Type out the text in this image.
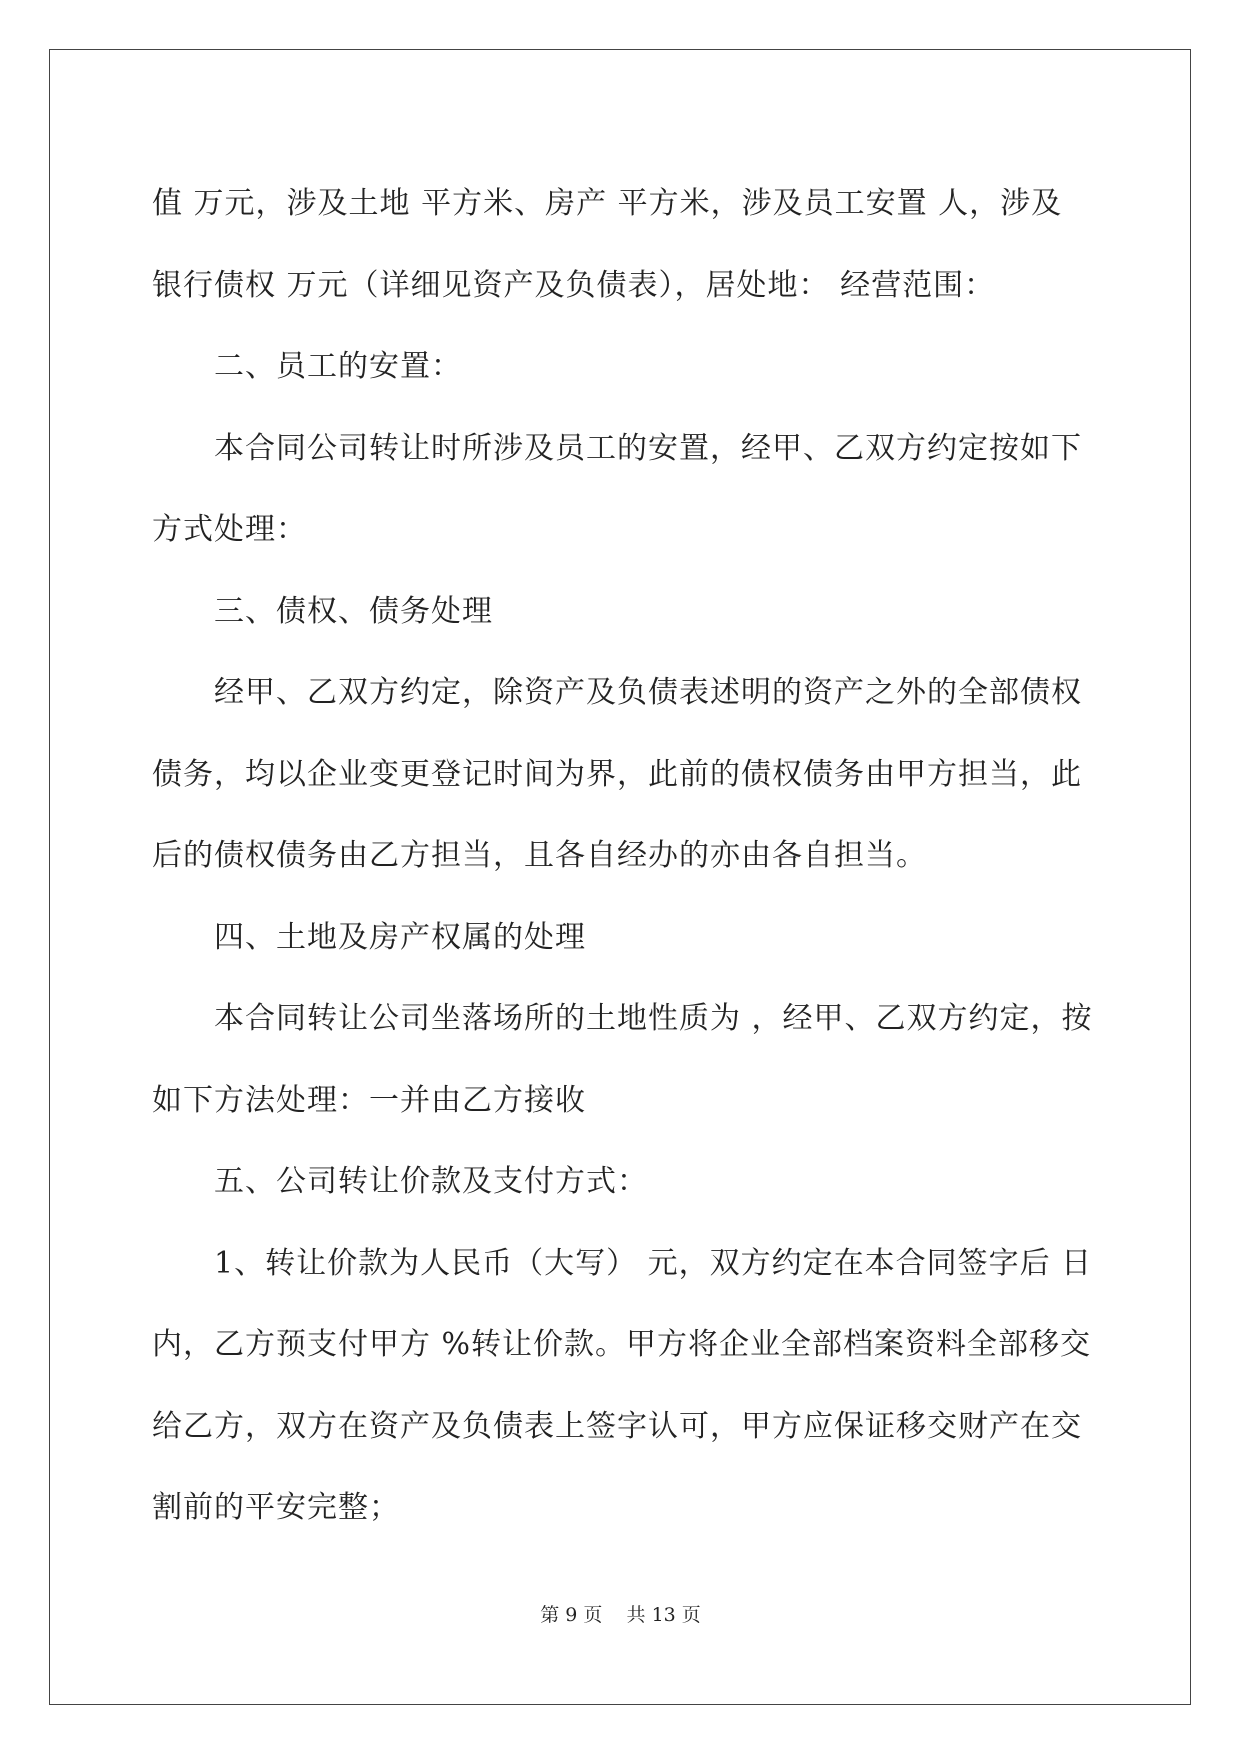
值 万元，涉及土地 平方米、房产 平方米，涉及员工安置 人，涉及
银行债权 万元（详细见资产及负债表），居处地： 经营范围：
二、员工的安置：
本合同公司转让时所涉及员工的安置，经甲、乙双方约定按如下
方式处理：
三、债权、债务处理
经甲、乙双方约定，除资产及负债表述明的资产之外的全部债权
债务，均以企业变更登记时间为界，此前的债权债务由甲方担当，此
后的债权债务由乙方担当，且各自经办的亦由各自担当。
四、土地及房产权属的处理
本合同转让公司坐落场所的土地性质为 ，经甲、乙双方约定，按
如下方法处理：一并由乙方接收
五、公司转让价款及支付方式：
1、转让价款为人民币（大写） 元，双方约定在本合同签字后 日
内，乙方预支付甲方 %转让价款。甲方将企业全部档案资料全部移交
给乙方，双方在资产及负债表上签字认可，甲方应保证移交财产在交
割前的平安完整；
第 9 页    共 13 页
